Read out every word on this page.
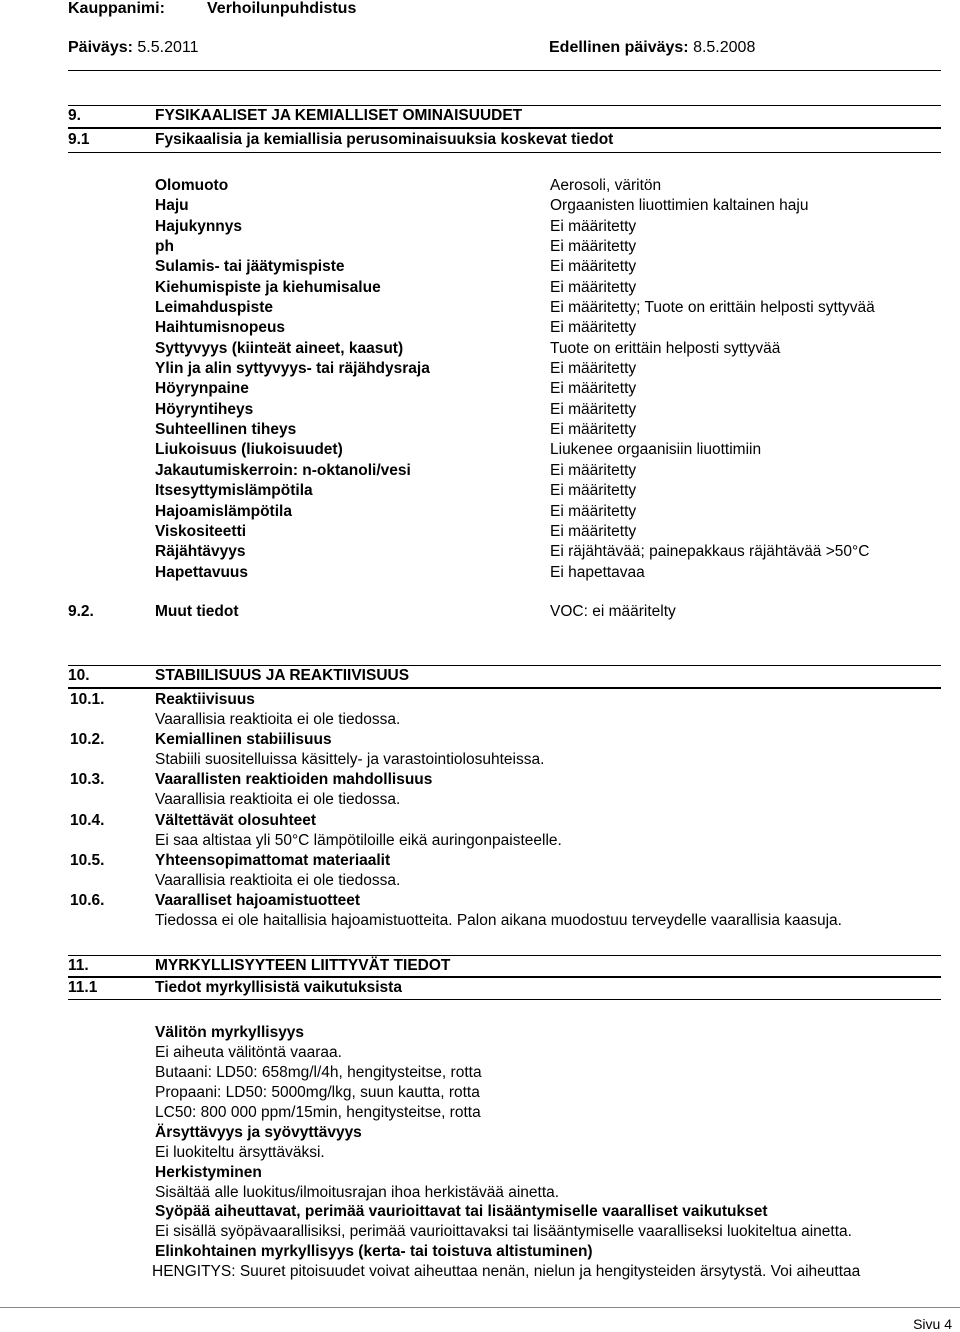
Kauppanimi:	Verhoilunpuhdistus
Päiväys: 5.5.2011	Edellinen päiväys: 8.5.2008
9.	FYSIKAALISET JA KEMIALLISET OMINAISUUDET
9.1	Fysikaalisia ja kemiallisia perusominaisuuksia koskevat tiedot
Olomuoto	Aerosoli, väritön
Haju	Orgaanisten liuottimien kaltainen haju
Hajukynnys	Ei määritetty
ph	Ei määritetty
Sulamis- tai jäätymispiste	Ei määritetty
Kiehumispiste ja kiehumisalue	Ei määritetty
Leimahduspiste	Ei määritetty; Tuote on erittäin helposti syttyvää
Haihtumisnopeus	Ei määritetty
Syttyvyys (kiinteät aineet, kaasut)	Tuote on erittäin helposti syttyvää
Ylin ja alin syttyvyys- tai räjähdysraja	Ei määritetty
Höyrynpaine	Ei määritetty
Höyryntiheys	Ei määritetty
Suhteellinen tiheys	Ei määritetty
Liukoisuus (liukoisuudet)	Liukenee orgaanisiin liuottimiin
Jakautumiskerroin: n-oktanoli/vesi	Ei määritetty
Itsesyttymislämpötila	Ei määritetty
Hajoamislämpötila	Ei määritetty
Viskositeetti	Ei määritetty
Räjähtävyys	Ei räjähtävää; painepakkaus räjähtävää >50°C
Hapettavuus	Ei hapettavaa
9.2.	Muut tiedot	VOC: ei määritelty
10.	STABIILISUUS JA REAKTIIVISUUS
10.1.	Reaktiivisuus
Vaarallisia reaktioita ei ole tiedossa.
10.2.	Kemiallinen stabiilisuus
Stabiili suositelluissa käsittely- ja varastointiolosuhteissa.
10.3.	Vaarallisten reaktioiden mahdollisuus
Vaarallisia reaktioita ei ole tiedossa.
10.4.	Vältettävät olosuhteet
Ei saa altistaa yli 50°C lämpötiloille eikä auringonpaisteelle.
10.5.	Yhteensopimattomat materiaalit
Vaarallisia reaktioita ei ole tiedossa.
10.6.	Vaaralliset hajoamistuotteet
Tiedossa ei ole haitallisia hajoamistuotteita. Palon aikana muodostuu terveydelle vaarallisia kaasuja.
11.	MYRKYLLISYYTEEN LIITTYVÄT TIEDOT
11.1	Tiedot myrkyllisistä vaikutuksista
Välitön myrkyllisyys
Ei aiheuta välitöntä vaaraa.
Butaani: LD50: 658mg/l/4h, hengitysteitse, rotta
Propaani: LD50: 5000mg/lkg, suun kautta, rotta
LC50: 800 000 ppm/15min, hengitysteitse, rotta
Ärsyttävyys ja syövyttävyys
Ei luokiteltu ärsyttäväksi.
Herkistyminen
Sisältää alle luokitus/ilmoitusrajan ihoa herkistävää ainetta.
Syöpää aiheuttavat, perimää vaurioittavat tai lisääntymiselle vaaralliset vaikutukset
Ei sisällä syöpävaarallisiksi, perimää vaurioittavaksi tai lisääntymiselle vaaralliseksi luokiteltua ainetta.
Elinkohtainen myrkyllisyys (kerta- tai toistuva altistuminen)
HENGITYS: Suuret pitoisuudet voivat aiheuttaa nenän, nielun ja hengitysteiden ärsytystä. Voi aiheuttaa
Sivu 4
